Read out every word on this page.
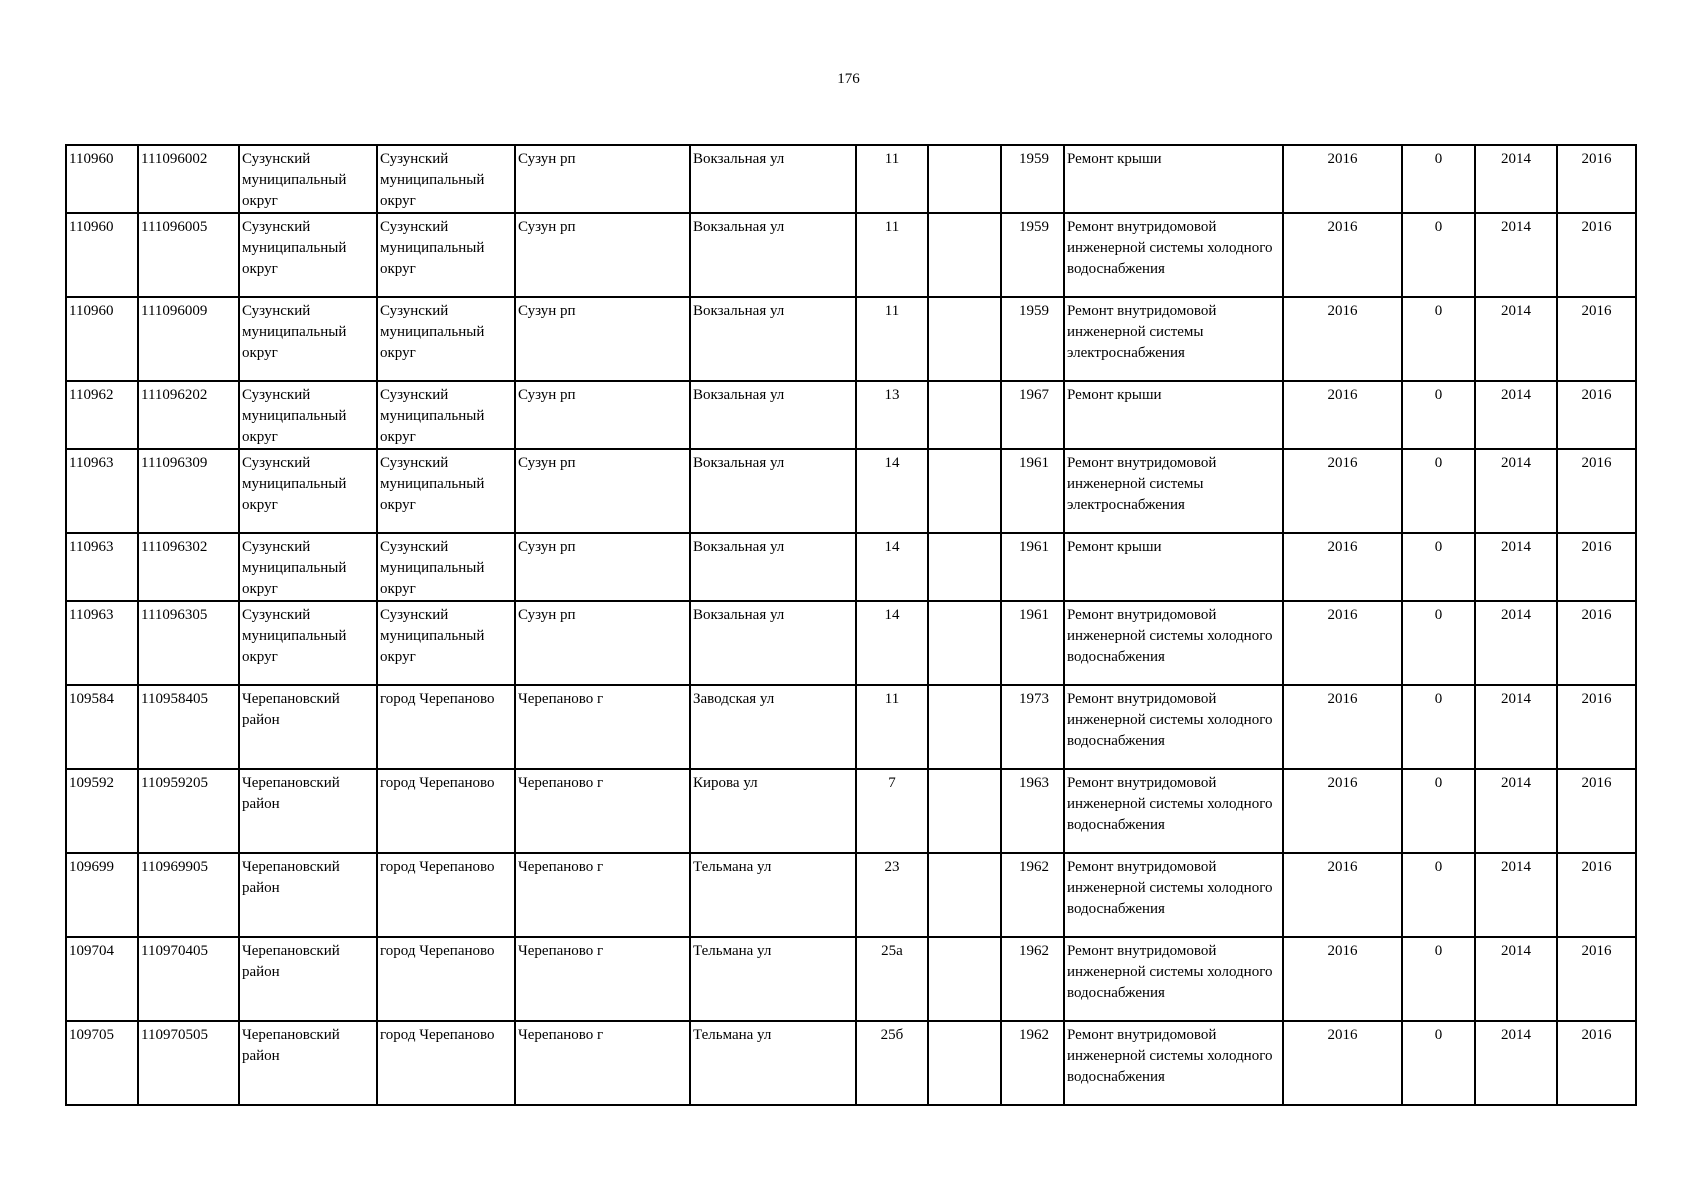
176
110960	111096002	Сузунский муниципальный округ	Сузунский муниципальный округ	Сузун рп	Вокзальная ул	11		1959	Ремонт крыши	2016	0	2014	2016
110960	111096005	Сузунский муниципальный округ	Сузунский муниципальный округ	Сузун рп	Вокзальная ул	11		1959	Ремонт внутридомовой инженерной системы холодного водоснабжения	2016	0	2014	2016
110960	111096009	Сузунский муниципальный округ	Сузунский муниципальный округ	Сузун рп	Вокзальная ул	11		1959	Ремонт внутридомовой инженерной системы электроснабжения	2016	0	2014	2016
110962	111096202	Сузунский муниципальный округ	Сузунский муниципальный округ	Сузун рп	Вокзальная ул	13		1967	Ремонт крыши	2016	0	2014	2016
110963	111096309	Сузунский муниципальный округ	Сузунский муниципальный округ	Сузун рп	Вокзальная ул	14		1961	Ремонт внутридомовой инженерной системы электроснабжения	2016	0	2014	2016
110963	111096302	Сузунский муниципальный округ	Сузунский муниципальный округ	Сузун рп	Вокзальная ул	14		1961	Ремонт крыши	2016	0	2014	2016
110963	111096305	Сузунский муниципальный округ	Сузунский муниципальный округ	Сузун рп	Вокзальная ул	14		1961	Ремонт внутридомовой инженерной системы холодного водоснабжения	2016	0	2014	2016
109584	110958405	Черепановский район	город Черепаново	Черепаново г	Заводская ул	11		1973	Ремонт внутридомовой инженерной системы холодного водоснабжения	2016	0	2014	2016
109592	110959205	Черепановский район	город Черепаново	Черепаново г	Кирова ул	7		1963	Ремонт внутридомовой инженерной системы холодного водоснабжения	2016	0	2014	2016
109699	110969905	Черепановский район	город Черепаново	Черепаново г	Тельмана ул	23		1962	Ремонт внутридомовой инженерной системы холодного водоснабжения	2016	0	2014	2016
109704	110970405	Черепановский район	город Черепаново	Черепаново г	Тельмана ул	25а		1962	Ремонт внутридомовой инженерной системы холодного водоснабжения	2016	0	2014	2016
109705	110970505	Черепановский район	город Черепаново	Черепаново г	Тельмана ул	25б		1962	Ремонт внутридомовой инженерной системы холодного водоснабжения	2016	0	2014	2016
